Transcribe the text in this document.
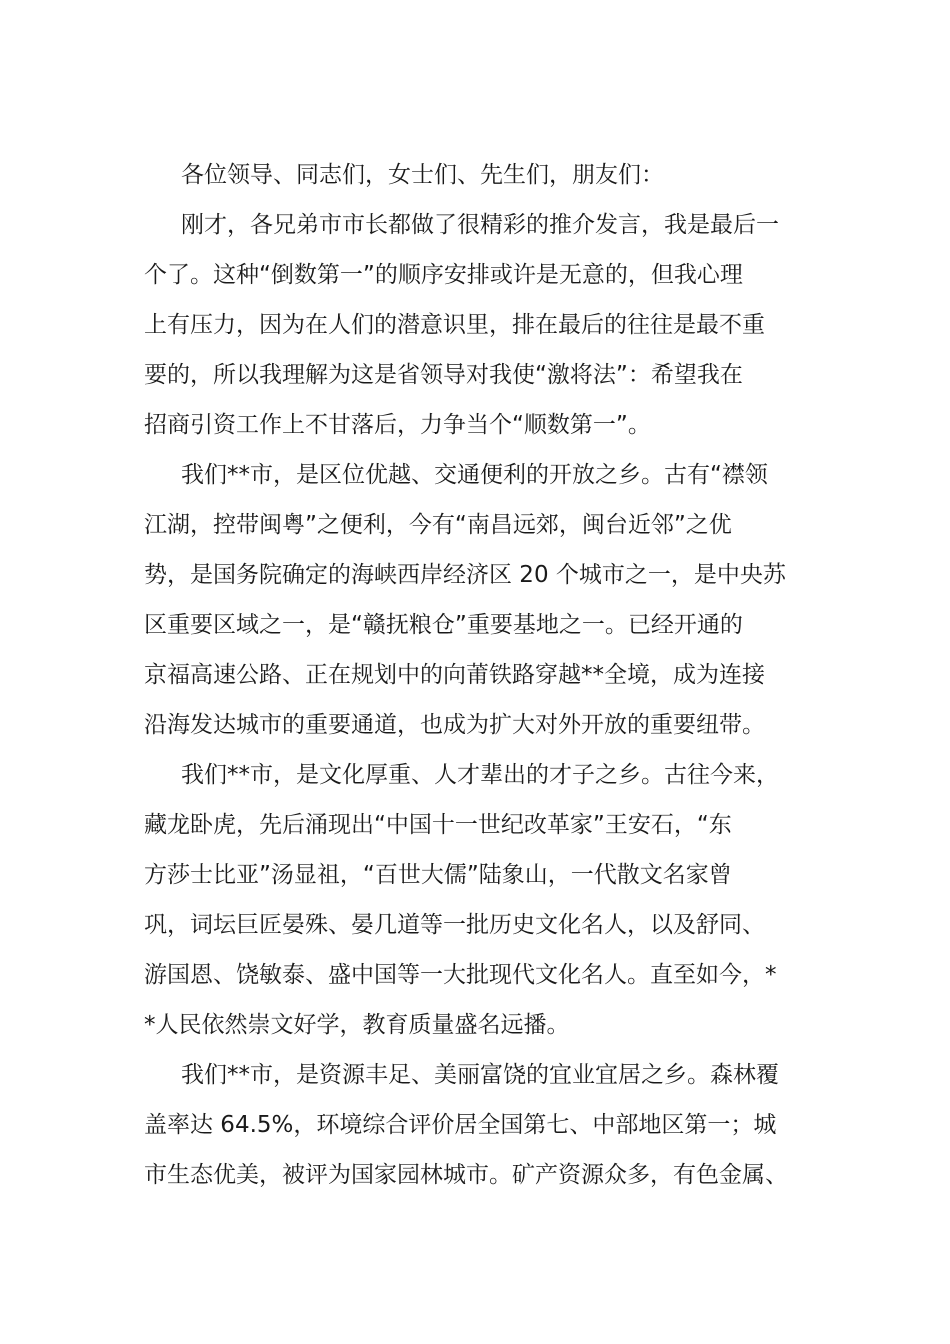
各位领导、同志们，女士们、先生们，朋友们：
刚才，各兄弟市市长都做了很精彩的推介发言，我是最后一
个了。这种“倒数第一”的顺序安排或许是无意的，但我心理
上有压力，因为在人们的潜意识里，排在最后的往往是最不重
要的，所以我理解为这是省领导对我使“激将法”：希望我在
招商引资工作上不甘落后，力争当个“顺数第一”。
我们**市，是区位优越、交通便利的开放之乡。古有“襟领
江湖，控带闽粤”之便利，今有“南昌远郊，闽台近邻”之优
势，是国务院确定的海峡西岸经济区 20 个城市之一，是中央苏
区重要区域之一，是“赣抚粮仓”重要基地之一。已经开通的
京福高速公路、正在规划中的向莆铁路穿越**全境，成为连接
沿海发达城市的重要通道，也成为扩大对外开放的重要纽带。
我们**市，是文化厚重、人才辈出的才子之乡。古往今来，
藏龙卧虎，先后涌现出“中国十一世纪改革家”王安石，“东
方莎士比亚”汤显祖，“百世大儒”陆象山，一代散文名家曾
巩，词坛巨匠晏殊、晏几道等一批历史文化名人，以及舒同、
游国恩、饶敏泰、盛中国等一大批现代文化名人。直至如今，*
*人民依然崇文好学，教育质量盛名远播。
我们**市，是资源丰足、美丽富饶的宜业宜居之乡。森林覆
盖率达 64.5%，环境综合评价居全国第七、中部地区第一；城
市生态优美，被评为国家园林城市。矿产资源众多，有色金属、
